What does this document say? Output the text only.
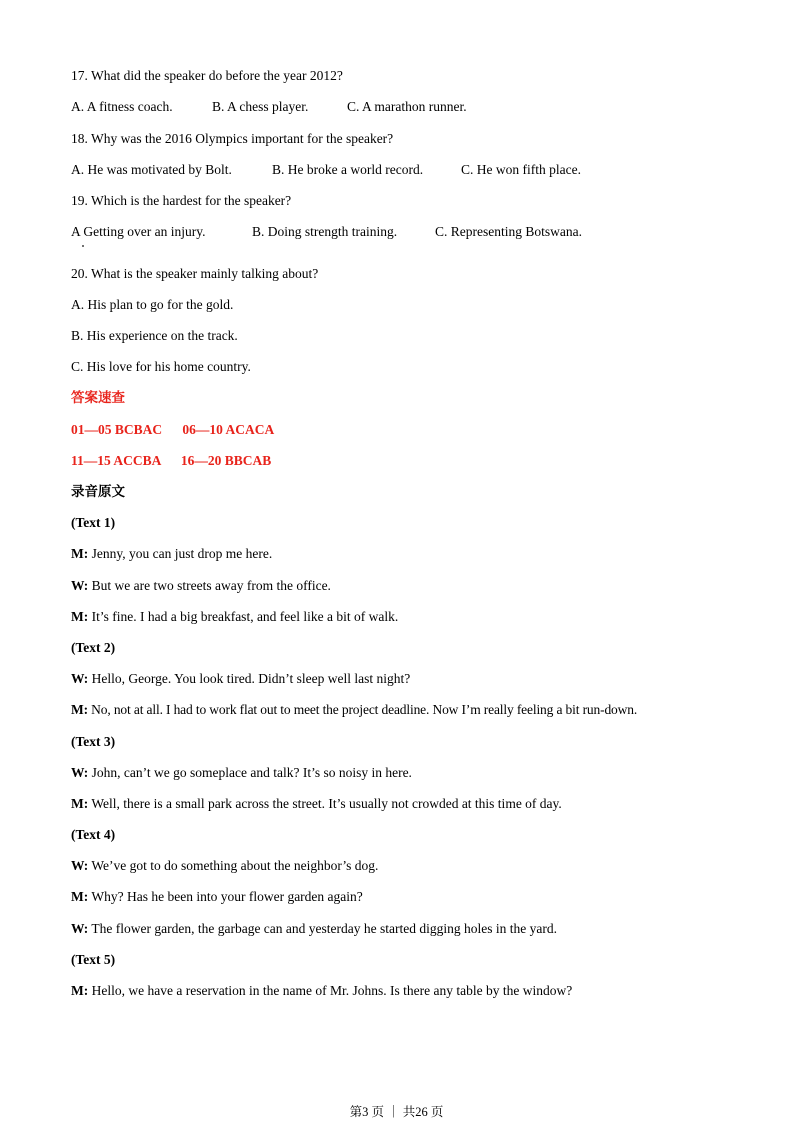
17. What did the speaker do before the year 2012?
A. A fitness coach.	B. A chess player.	C. A marathon runner.
18. Why was the 2016 Olympics important for the speaker?
A. He was motivated by Bolt.	B. He broke a world record.	C. He won fifth place.
19. Which is the hardest for the speaker?
A Getting over an injury.	B. Doing strength training.	C. Representing Botswana.
20. What is the speaker mainly talking about?
A. His plan to go for the gold.
B. His experience on the track.
C. His love for his home country.
答案速查
01—05 BCBAC      06—10 ACACA
11—15 ACCBA      16—20 BBCAB
录音原文
(Text 1)
M: Jenny, you can just drop me here.
W: But we are two streets away from the office.
M: It’s fine. I had a big breakfast, and feel like a bit of walk.
(Text 2)
W: Hello, George. You look tired. Didn’t sleep well last night?
M: No, not at all. I had to work flat out to meet the project deadline. Now I’m really feeling a bit run-down.
(Text 3)
W: John, can’t we go someplace and talk? It’s so noisy in here.
M: Well, there is a small park across the street. It’s usually not crowded at this time of day.
(Text 4)
W: We’ve got to do something about the neighbor’s dog.
M: Why? Has he been into your flower garden again?
W: The flower garden, the garbage can and yesterday he started digging holes in the yard.
(Text 5)
M: Hello, we have a reservation in the name of Mr. Johns. Is there any table by the window?
第3 页 ｜ 共26 页
